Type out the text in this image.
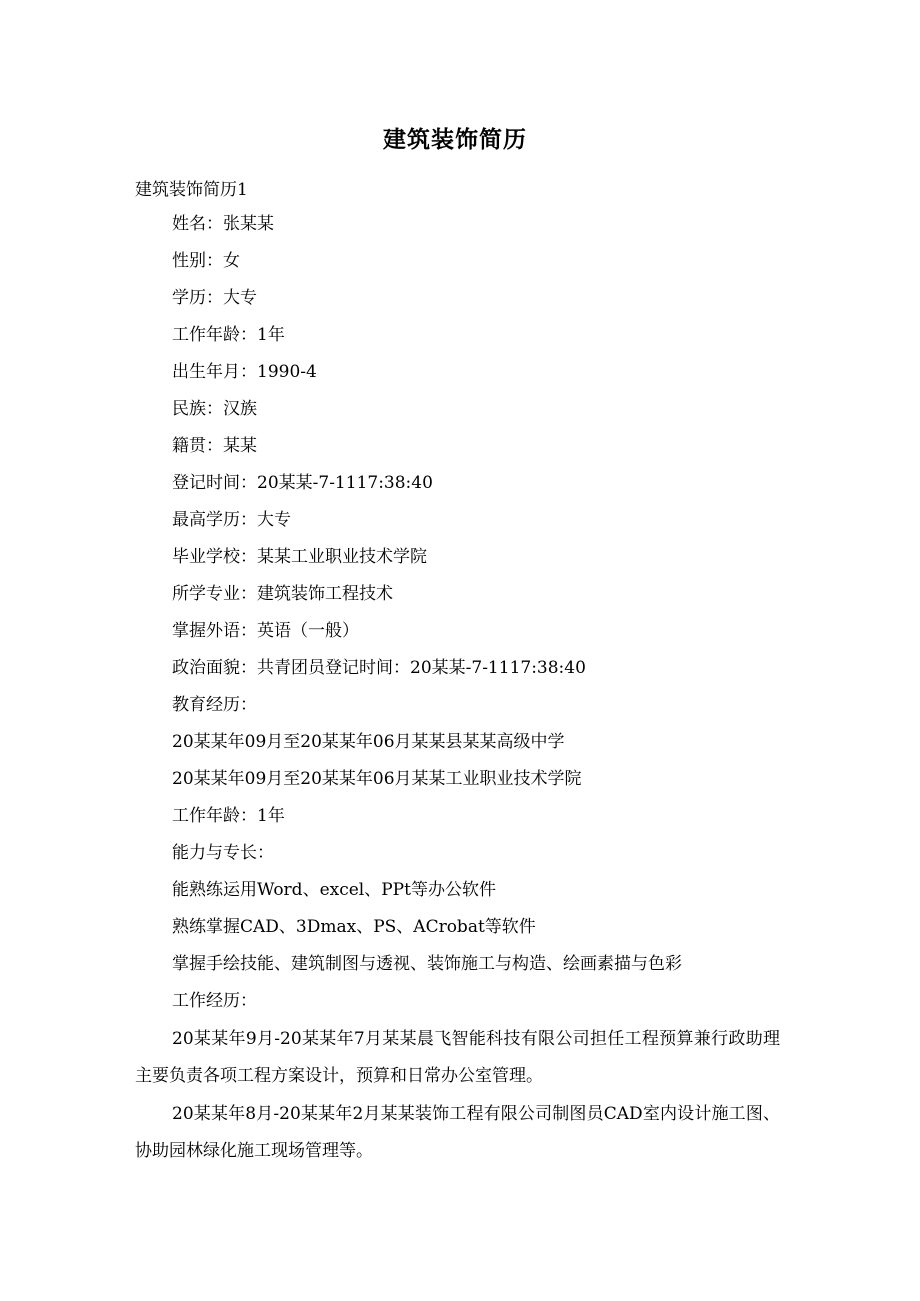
建筑装饰简历
建筑装饰简历1
姓名：张某某
性别：女
学历：大专
工作年龄：1年
出生年月：1990-4
民族：汉族
籍贯：某某
登记时间：20某某-7-1117:38:40
最高学历：大专
毕业学校：某某工业职业技术学院
所学专业：建筑装饰工程技术
掌握外语：英语（一般）
政治面貌：共青团员登记时间：20某某-7-1117:38:40
教育经历：
20某某年09月至20某某年06月某某县某某高级中学
20某某年09月至20某某年06月某某工业职业技术学院
工作年龄：1年
能力与专长：
能熟练运用Word、excel、PPt等办公软件
熟练掌握CAD、3Dmax、PS、ACrobat等软件
掌握手绘技能、建筑制图与透视、装饰施工与构造、绘画素描与色彩
工作经历：

20某某年9月-20某某年7月某某晨飞智能科技有限公司担任工程预算兼行政助理主要负责各项工程方案设计，预算和日常办公室管理。

20某某年8月-20某某年2月某某装饰工程有限公司制图员CAD室内设计施工图、协助园林绿化施工现场管理等。
